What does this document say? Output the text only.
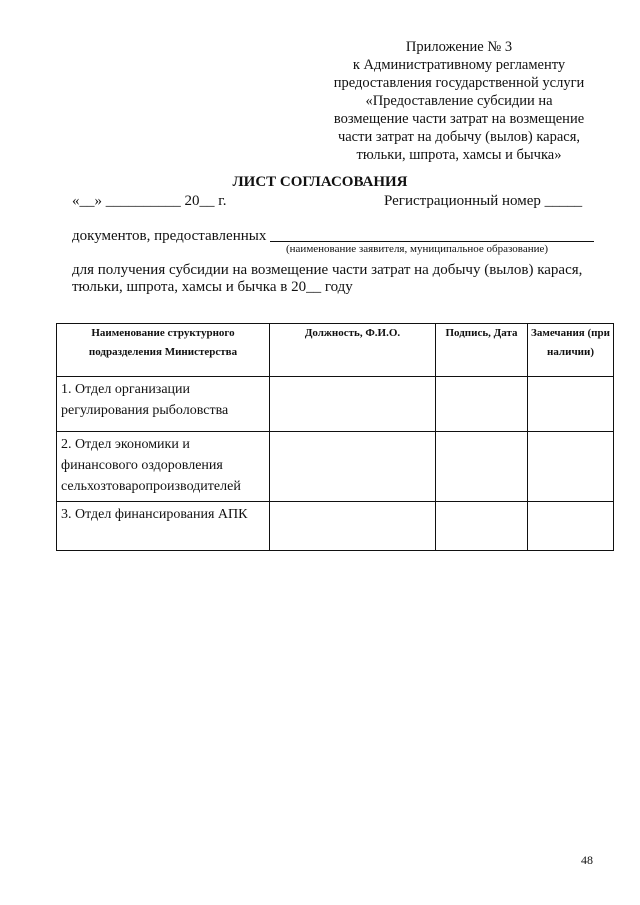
Приложение № 3
к Административному регламенту
предоставления государственной услуги
«Предоставление субсидии на
возмещение части затрат на возмещение
части затрат на добычу (вылов) карася,
тюльки, шпрота, хамсы и бычка»
ЛИСТ СОГЛАСОВАНИЯ
«__» __________ 20__ г.	Регистрационный номер _____
документов, предоставленных
(наименование заявителя, муниципальное образование)
для получения субсидии на возмещение части затрат на добычу (вылов) карася,
тюльки, шпрота, хамсы и бычка в 20__ году
Наименование структурного подразделения Министерства	Должность, Ф.И.О.	Подпись, Дата	Замечания (при наличии)
1. Отдел организации регулирования рыболовства			
2. Отдел экономики и финансового оздоровления сельхозтоваропроизводителей			
3. Отдел финансирования АПК			
48
